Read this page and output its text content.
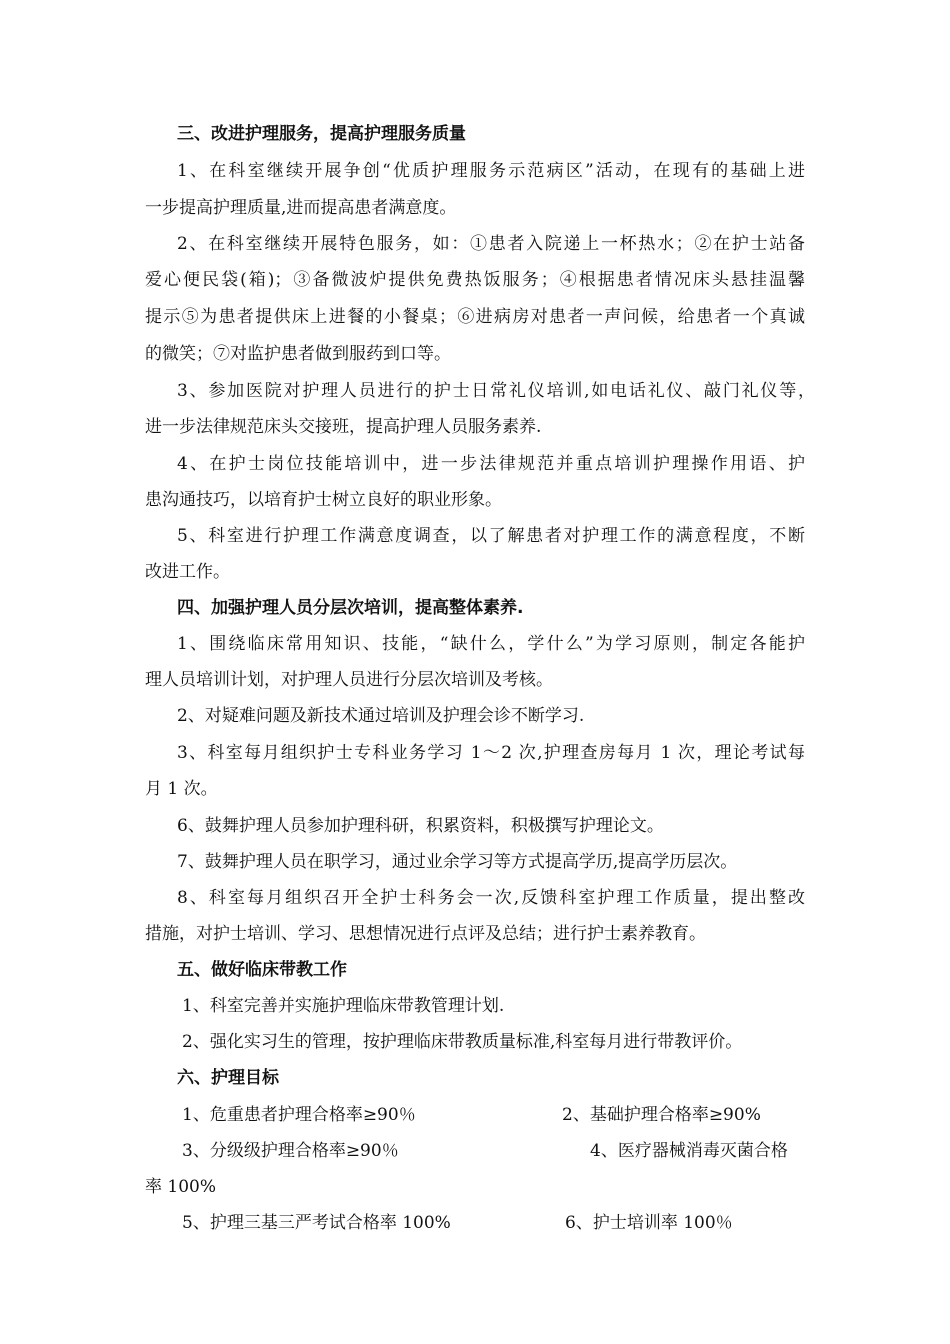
三、改进护理服务，提高护理服务质量
1、在科室继续开展争创“优质护理服务示范病区”活动，在现有的基础上进
一步提高护理质量,进而提高患者满意度。
2、在科室继续开展特色服务，如：①患者入院递上一杯热水；②在护士站备
爱心便民袋(箱)；③备微波炉提供免费热饭服务；④根据患者情况床头悬挂温馨
提示⑤为患者提供床上进餐的小餐桌；⑥进病房对患者一声问候，给患者一个真诚
的微笑；⑦对监护患者做到服药到口等。
3、参加医院对护理人员进行的护士日常礼仪培训,如电话礼仪、敲门礼仪等，
进一步法律规范床头交接班，提高护理人员服务素养.
4、在护士岗位技能培训中，进一步法律规范并重点培训护理操作用语、护
患沟通技巧，以培育护士树立良好的职业形象。
5、科室进行护理工作满意度调查，以了解患者对护理工作的满意程度，不断
改进工作。
四、加强护理人员分层次培训，提高整体素养.
1、围绕临床常用知识、技能，“缺什么，学什么”为学习原则，制定各能护
理人员培训计划，对护理人员进行分层次培训及考核。
2、对疑难问题及新技术通过培训及护理会诊不断学习.
3、科室每月组织护士专科业务学习 1～2 次,护理查房每月 1 次，理论考试每
月 1 次。
6、鼓舞护理人员参加护理科研，积累资料，积极撰写护理论文。
7、鼓舞护理人员在职学习，通过业余学习等方式提高学历,提高学历层次。
8、科室每月组织召开全护士科务会一次,反馈科室护理工作质量，提出整改
措施，对护士培训、学习、思想情况进行点评及总结；进行护士素养教育。
五、做好临床带教工作
1、科室完善并实施护理临床带教管理计划.
2、强化实习生的管理，按护理临床带教质量标准,科室每月进行带教评价。
六、护理目标
1、危重患者护理合格率≥90％	2、基础护理合格率≥90%
3、分级级护理合格率≥90％	4、医疗器械消毒灭菌合格
率 100%
5、护理三基三严考试合格率 100%	6、护士培训率 100％
